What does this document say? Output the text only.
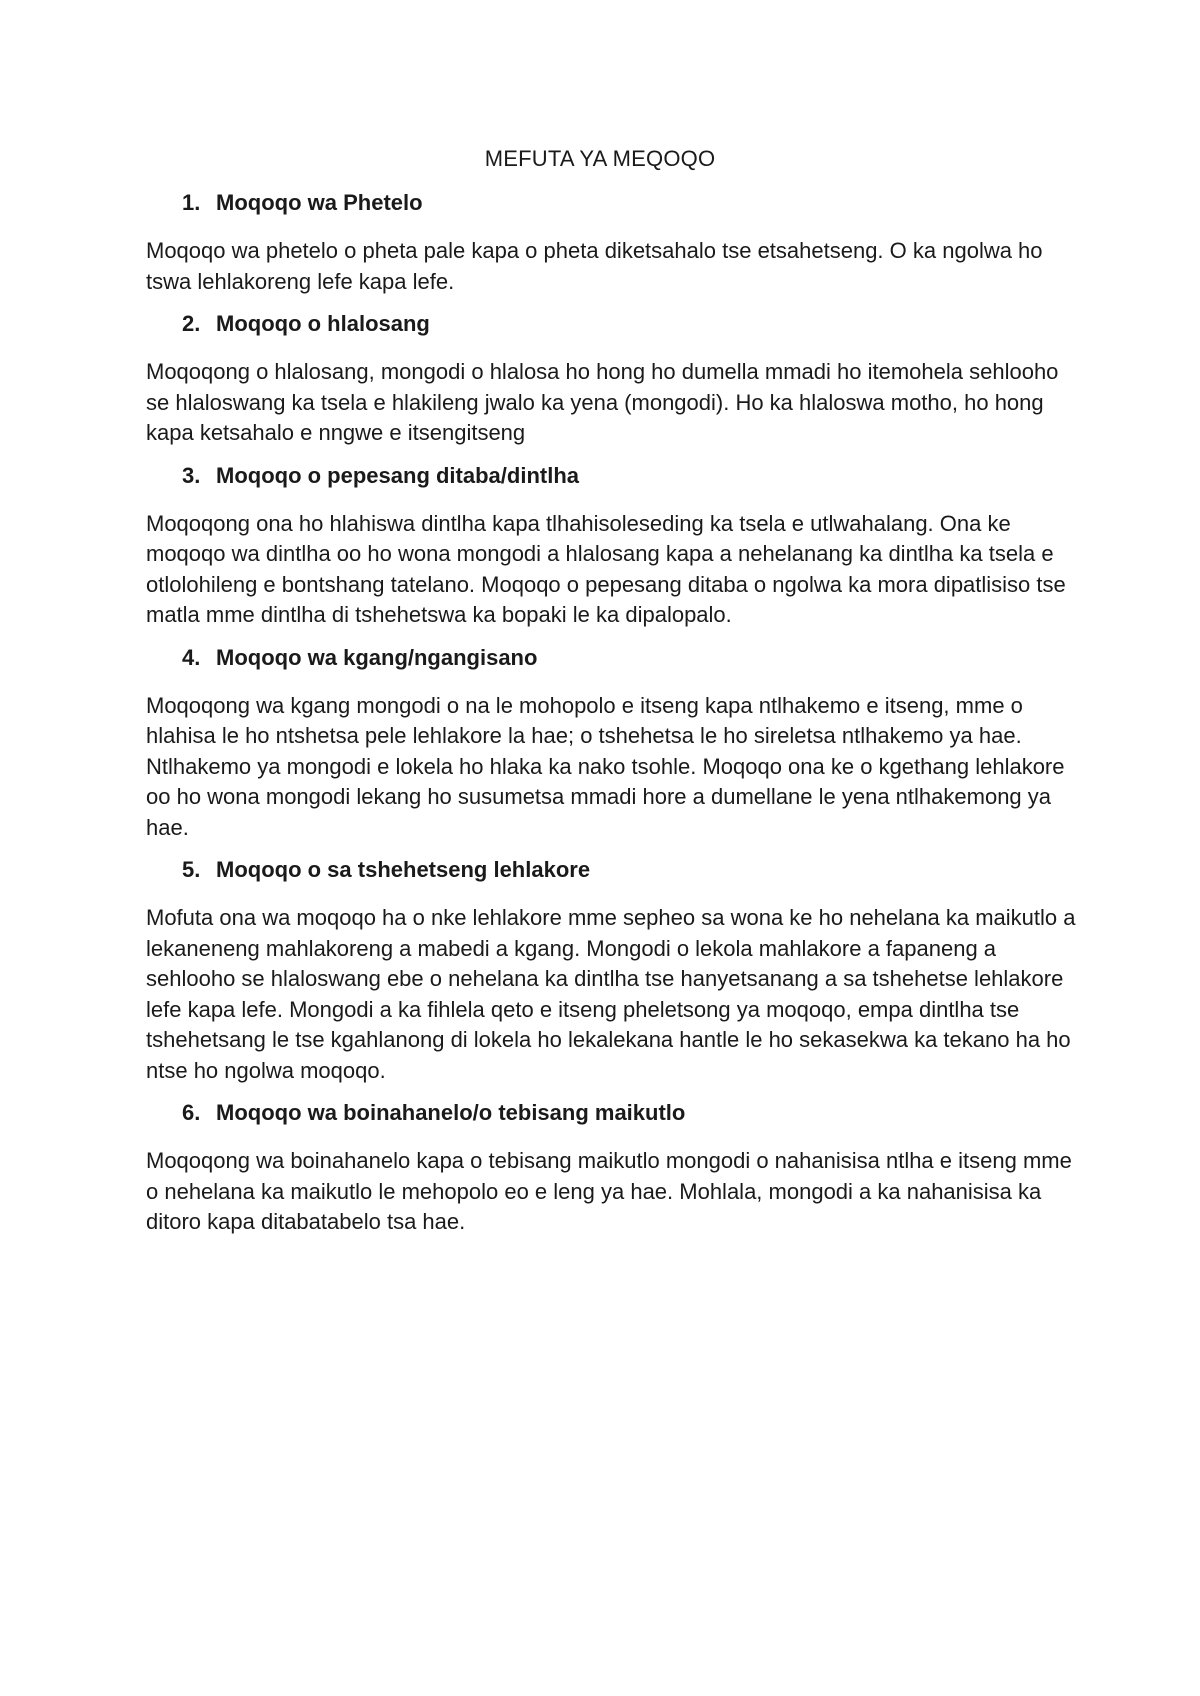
MEFUTA YA MEQOQO
1. Moqoqo wa Phetelo

Moqoqo wa phetelo o pheta pale kapa o pheta diketsahalo tse etsahetseng. O ka ngolwa ho tswa lehlakoreng lefe kapa lefe.

2. Moqoqo o hlalosang

Moqoqong o hlalosang, mongodi o hlalosa ho hong ho dumella mmadi ho itemohela sehlooho se hlaloswang ka tsela e hlakileng jwalo ka yena (mongodi). Ho ka hlaloswa motho, ho hong kapa ketsahalo e nngwe e itsengitseng

3. Moqoqo o pepesang ditaba/dintlha

Moqoqong ona ho hlahiswa dintlha kapa tlhahisoleseding ka tsela e utlwahalang. Ona ke moqoqo wa dintlha oo ho wona mongodi a hlalosang kapa a nehelanang ka dintlha ka tsela e otlolohileng e bontshang tatelano. Moqoqo o pepesang ditaba o ngolwa ka mora dipatlisiso tse matla mme dintlha di tshehetswa ka bopaki le ka dipalopalo.

4. Moqoqo wa kgang/ngangisano

Moqoqong wa kgang mongodi o na le mohopolo e itseng kapa ntlhakemo e itseng, mme o hlahisa le ho ntshetsa pele lehlakore la hae; o tshehetsa le ho sireletsa ntlhakemo ya hae. Ntlhakemo ya mongodi e lokela ho hlaka ka nako tsohle. Moqoqo ona ke o kgethang lehlakore oo ho wona mongodi lekang ho susumetsa mmadi hore a dumellane le yena ntlhakemong ya hae.

5. Moqoqo o sa tshehetseng lehlakore

Mofuta ona wa moqoqo ha o nke lehlakore mme sepheo sa wona ke ho nehelana ka maikutlo a lekaneneng mahlakoreng a mabedi a kgang. Mongodi o lekola mahlakore a fapaneng a sehlooho se hlaloswang ebe o nehelana ka dintlha tse hanyetsanang a sa tshehetse lehlakore lefe kapa lefe. Mongodi a ka fihlela qeto e itseng pheletsong ya moqoqo, empa dintlha tse tshehetsang le tse kgahlanong di lokela ho lekalekana hantle le ho sekasekwa ka tekano ha ho ntse ho ngolwa moqoqo.

6. Moqoqo wa boinahanelo/o tebisang maikutlo

Moqoqong wa boinahanelo kapa o tebisang maikutlo mongodi o nahanisisa ntlha e itseng mme o nehelana ka maikutlo le mehopolo eo e leng ya hae. Mohlala, mongodi a ka nahanisisa ka ditoro kapa ditabatabelo tsa hae.
